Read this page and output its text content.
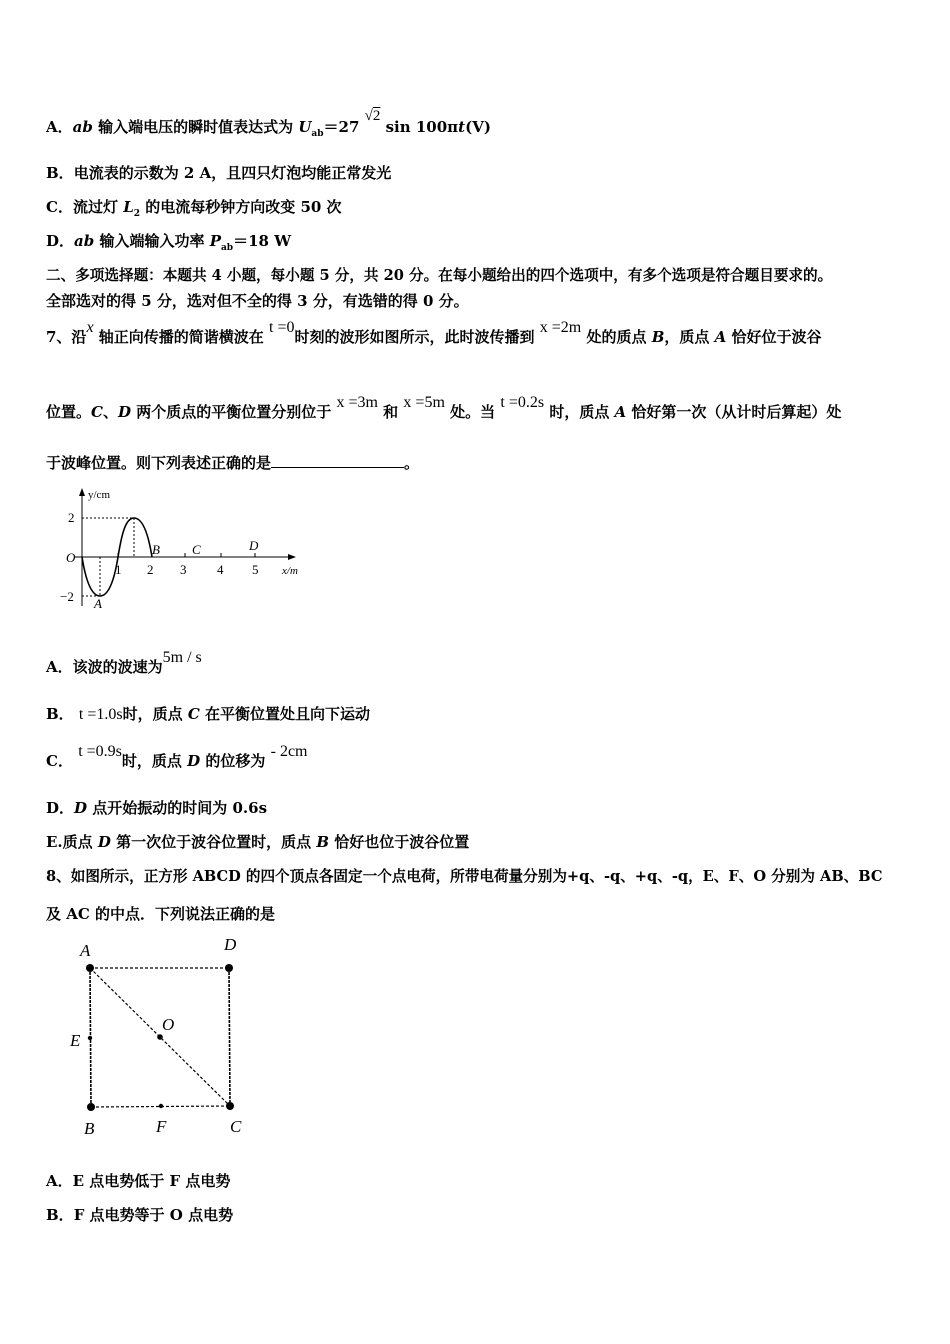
A．ab 输入端电压的瞬时值表达式为 $U_{ab}=27$ √2 sin 100πt(V)
B．电流表的示数为 2 A，且四只灯泡均能正常发光
C．流过灯 $L_2$ 的电流每秒钟方向改变 50 次
D．ab 输入端输入功率 $P_{ab}=18$ W
二、多项选择题：本题共 4 小题，每小题 5 分，共 20 分。在每小题给出的四个选项中，有多个选项是符合题目要求的。
全部选对的得 5 分，选对但不全的得 3 分，有选错的得 0 分。
7、沿x 轴正向传播的简谐横波在 t =0时刻的波形如图所示，此时波传播到 x =2m 处的质点 B，质点 A 恰好位于波谷
位置。C、D 两个质点的平衡位置分别位于 x =3m 和 x =5m 处。当 t =0.2s 时，质点 A 恰好第一次（从计时后算起）处
于波峰位置。则下列表述正确的是	。
y/cm
x/m
O
2
−2
1 2 3 4 5
A
B C	D
A．该波的波速为5m / s
B． t =1.0s时，质点 C 在平衡位置处且向下运动
C． t =0.9s时，质点 D 的位移为 - 2cm
D．D 点开始振动的时间为 0.6s
E.质点 D 第一次位于波谷位置时，质点 B 恰好也位于波谷位置
8、如图所示，正方形 ABCD 的四个顶点各固定一个点电荷，所带电荷量分别为+q、-q、+q、-q，E、F、O 分别为 AB、BC
及 AC 的中点．下列说法正确的是
A	D
B	C
E
F
O
A．E 点电势低于 F 点电势
B．F 点电势等于 O 点电势
